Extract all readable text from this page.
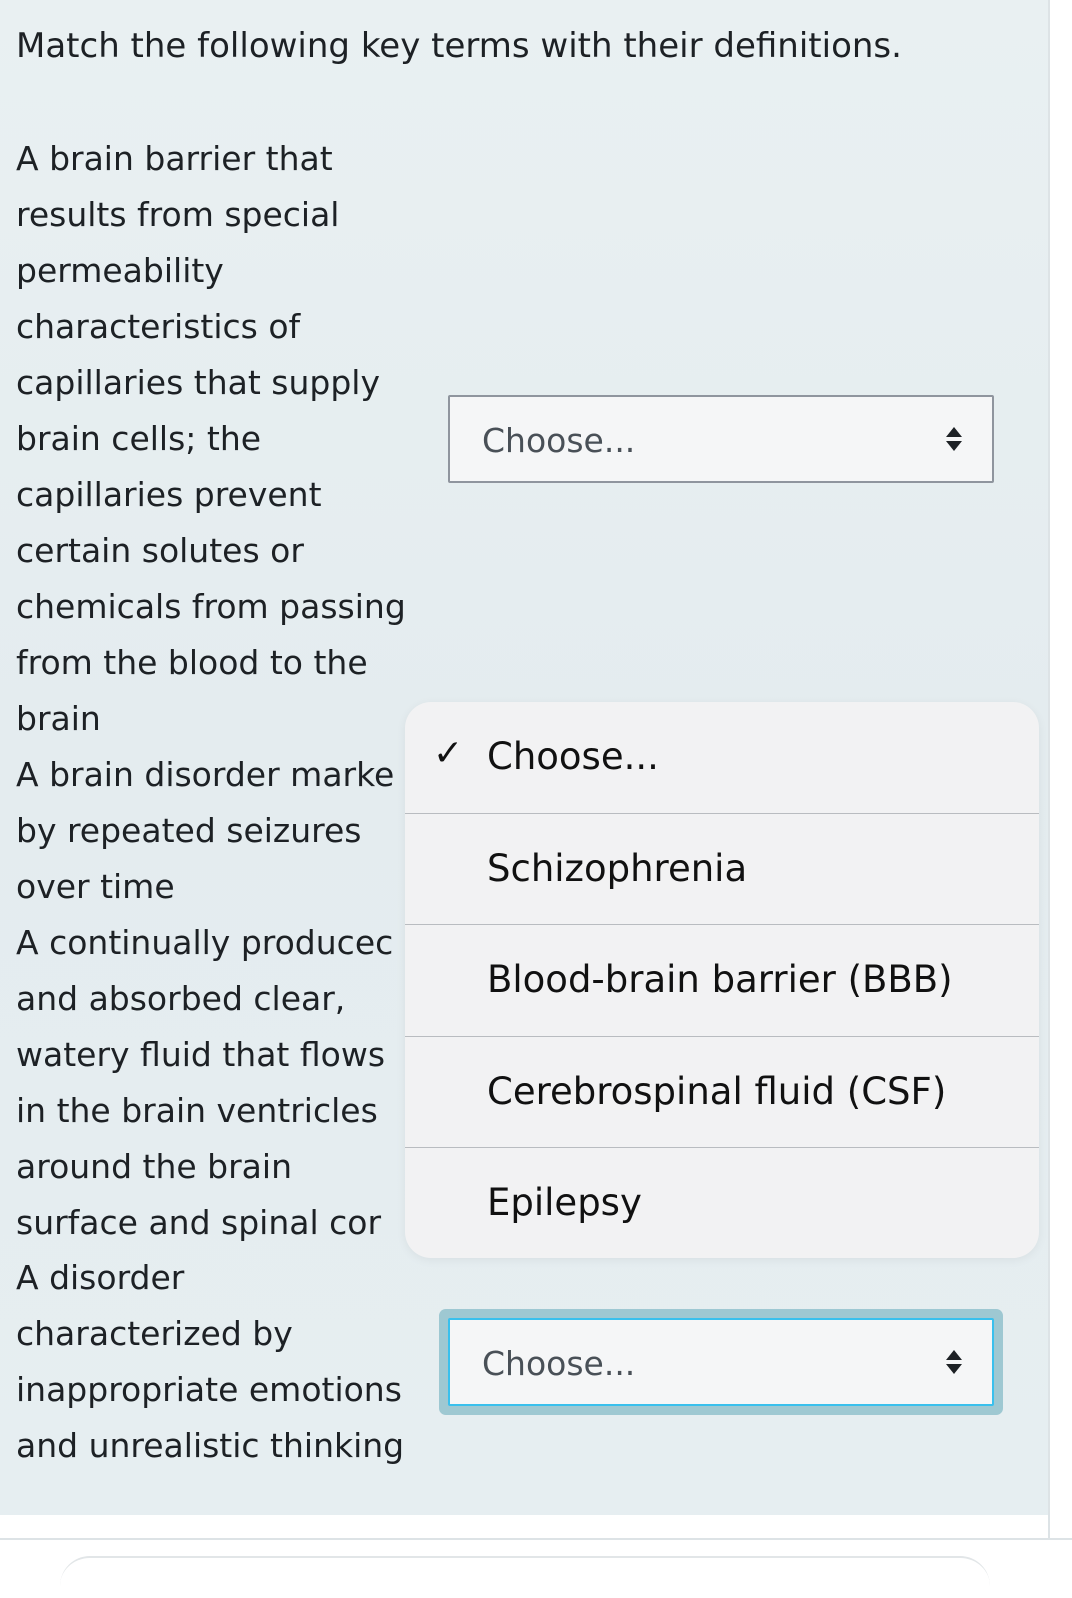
Match the following key terms with their definitions.
A brain barrier that
results from special
permeability
characteristics of
capillaries that supply
brain cells; the
capillaries prevent
certain solutes or
chemicals from passing
from the blood to the
brain
A brain disorder marke
by repeated seizures
over time
A continually producec
and absorbed clear,
watery fluid that flows
in the brain ventricles
around the brain
surface and spinal cor
A disorder
characterized by
inappropriate emotions
and unrealistic thinking
Choose...
Choose...
✓ Choose...
Schizophrenia
Blood-brain barrier (BBB)
Cerebrospinal fluid (CSF)
Epilepsy
